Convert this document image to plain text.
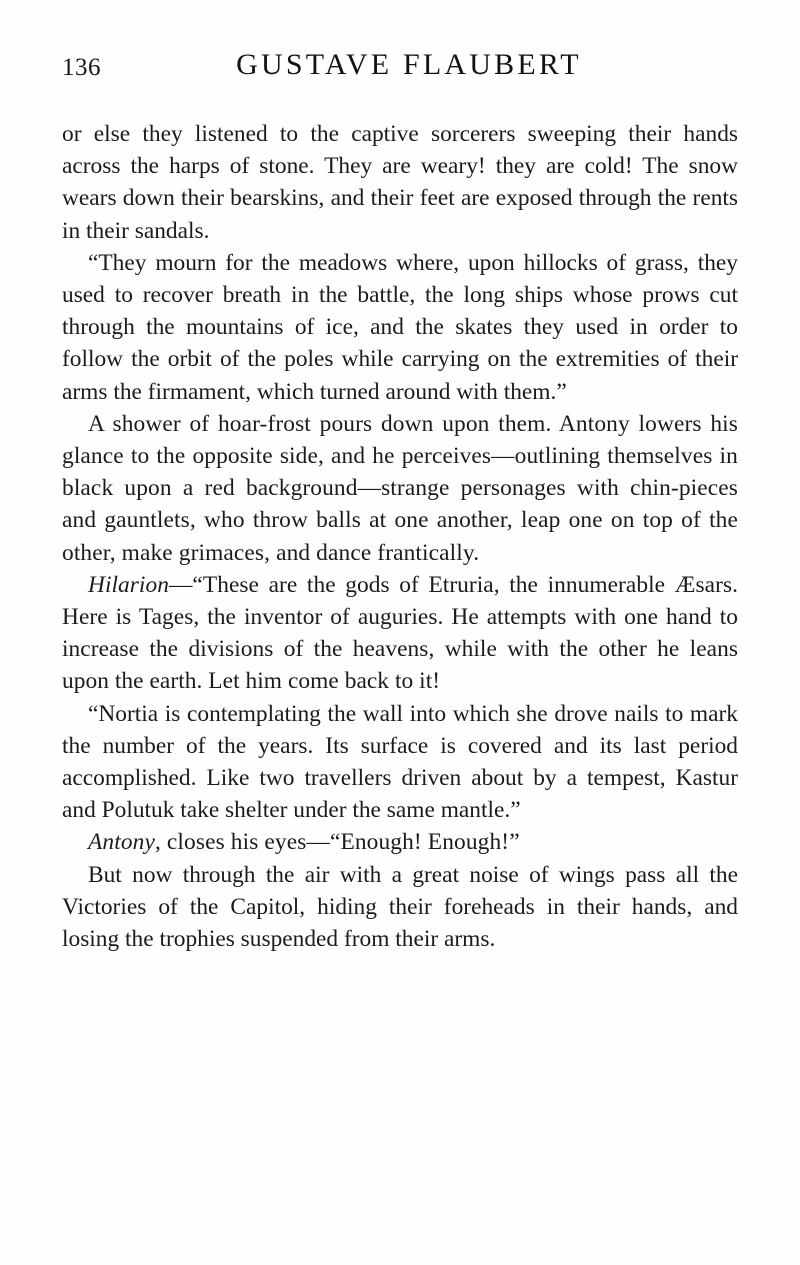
136	GUSTAVE FLAUBERT

or else they listened to the captive sorcerers sweeping their hands across the harps of stone. They are weary! they are cold! The snow wears down their bearskins, and their feet are exposed through the rents in their sandals.

“They mourn for the meadows where, upon hillocks of grass, they used to recover breath in the battle, the long ships whose prows cut through the mountains of ice, and the skates they used in order to follow the orbit of the poles while carrying on the extremities of their arms the firmament, which turned around with them.”

A shower of hoar-frost pours down upon them. Antony lowers his glance to the opposite side, and he perceives—outlining themselves in black upon a red background—strange personages with chin-pieces and gauntlets, who throw balls at one another, leap one on top of the other, make grimaces, and dance frantically.

Hilarion—“These are the gods of Etruria, the innumerable Æsars. Here is Tages, the inventor of auguries. He attempts with one hand to increase the divisions of the heavens, while with the other he leans upon the earth. Let him come back to it!

“Nortia is contemplating the wall into which she drove nails to mark the number of the years. Its surface is covered and its last period accomplished. Like two travellers driven about by a tempest, Kastur and Polutuk take shelter under the same mantle.”

Antony, closes his eyes—“Enough! Enough!”

But now through the air with a great noise of wings pass all the Victories of the Capitol, hiding their foreheads in their hands, and losing the trophies suspended from their arms.
